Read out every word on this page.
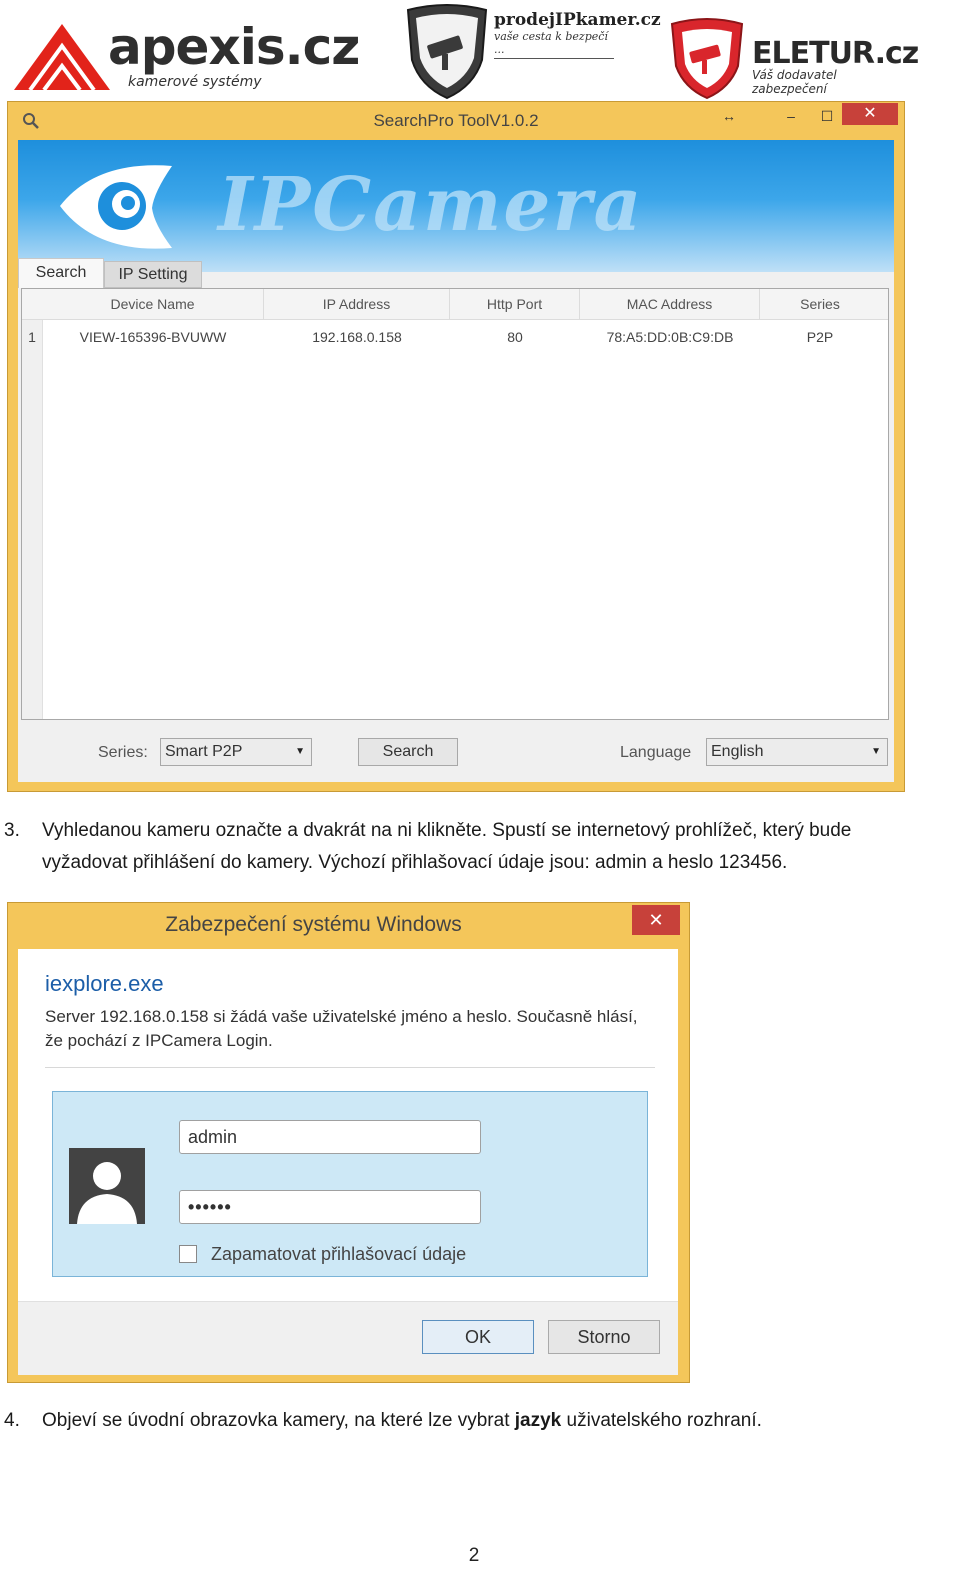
apexis.cz
kamerové systémy
prodejIPkamer.cz
vaše cesta k bezpečí ...	ELETUR.cz
Váš dodavatel zabezpečení
SearchPro ToolV1.0.2	↔	–	☐	✕
IPCamera
Search	IP Setting
Device Name	IP Address	Http Port	MAC Address	Series
1	VIEW-165396-BVUWW	192.168.0.158	80	78:A5:DD:0B:C9:DB	P2P
Series:	Smart P2P	▼	Search	Language	English	▼
3. Vyhledanou kameru označte a dvakrát na ni klikněte. Spustí se internetový prohlížeč, který bude
vyžadovat přihlášení do kamery. Výchozí přihlašovací údaje jsou: admin a heslo 123456.
Zabezpečení systému Windows	✕
iexplore.exe
Server 192.168.0.158 si žádá vaše uživatelské jméno a heslo. Současně hlásí,
že pochází z IPCamera Login.
admin
••••••
Zapamatovat přihlašovací údaje
OK	Storno
4. Objeví se úvodní obrazovka kamery, na které lze vybrat jazyk uživatelského rozhraní.
2
